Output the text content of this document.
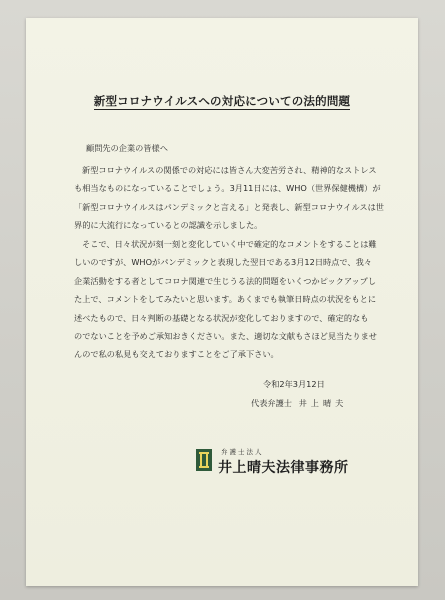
新型コロナウイルスへの対応についての法的問題
顧問先の企業の皆様へ
新型コロナウイルスの関係での対応には皆さん大変苦労され、精神的なストレス
も相当なものになっていることでしょう。3月11日には、WHO（世界保健機構）が
「新型コロナウイルスはパンデミックと言える」と発表し、新型コロナウイルスは世
界的に大流行になっているとの認識を示しました。
そこで、日々状況が刻一刻と変化していく中で確定的なコメントをすることは難
しいのですが、WHOがパンデミックと表現した翌日である3月12日時点で、我々
企業活動をする者としてコロナ関連で生じうる法的問題をいくつかピックアップし
た上で、コメントをしてみたいと思います。あくまでも執筆日時点の状況をもとに
述べたもので、日々判断の基礎となる状況が変化しておりますので、確定的なも
のでないことを予めご承知おきください。また、適切な文献もさほど見当たりませ
んので私の私見も交えておりますことをご了承下さい。
令和2年3月12日
代表弁護士 井上晴夫
弁護士法人
井上晴夫法律事務所
